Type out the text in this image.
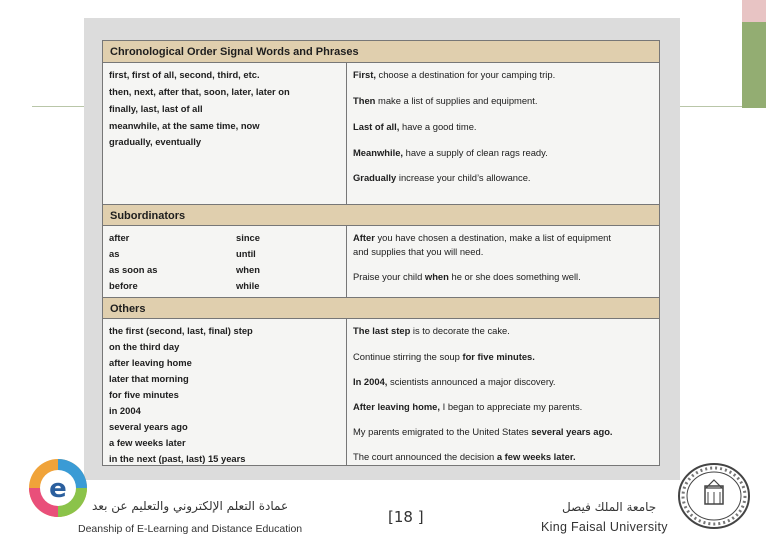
Chronological Order Signal Words and Phrases
first, first of all, second, third, etc.
then, next, after that, soon, later, later on
finally, last, last of all
meanwhile, at the same time, now
gradually, eventually
First, choose a destination for your camping trip.
Then make a list of supplies and equipment.
Last of all, have a good time.
Meanwhile, have a supply of clean rags ready.
Gradually increase your child’s allowance.
Subordinators
after
as
as soon as
before
since
until
when
while
After you have chosen a destination, make a list of equipment
and supplies that you will need.
Praise your child when he or she does something well.
Others
the first (second, last, final) step
on the third day
after leaving home
later that morning
for five minutes
in 2004
several years ago
a few weeks later
in the next (past, last) 15 years
The last step is to decorate the cake.
Continue stirring the soup for five minutes.
In 2004, scientists announced a major discovery.
After leaving home, I began to appreciate my parents.
My parents emigrated to the United States several years ago.
The court announced the decision a few weeks later.
e
عمادة التعلم الإلكتروني والتعليم عن بعد
Deanship of E-Learning and Distance Education
[18 ]
جامعة الملك فيصل
King Faisal University
